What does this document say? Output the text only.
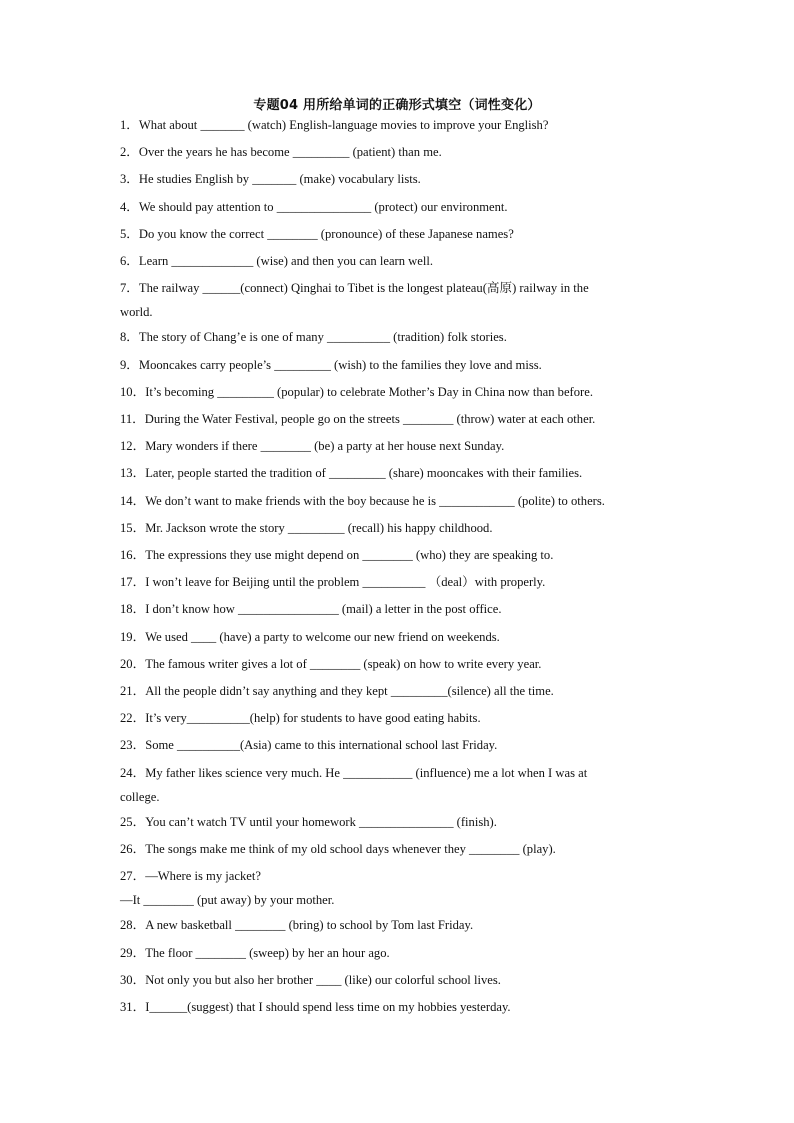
专题04 用所给单词的正确形式填空（词性变化）
1．What about _______ (watch) English-language movies to improve your English?
2．Over the years he has become _________ (patient) than me.
3．He studies English by _______ (make) vocabulary lists.
4．We should pay attention to _______________ (protect) our environment.
5．Do you know the correct ________ (pronounce) of these Japanese names?
6．Learn _____________ (wise) and then you can learn well.
7．The railway ______(connect) Qinghai to Tibet is the longest plateau(高原) railway in the
world.
8．The story of Chang’e is one of many __________ (tradition) folk stories.
9．Mooncakes carry people’s _________ (wish) to the families they love and miss.
10．It’s becoming _________ (popular) to celebrate Mother’s Day in China now than before.
11．During the Water Festival, people go on the streets ________ (throw) water at each other.
12．Mary wonders if there ________ (be) a party at her house next Sunday.
13．Later, people started the tradition of _________ (share) mooncakes with their families.
14．We don’t want to make friends with the boy because he is ____________ (polite) to others.
15．Mr. Jackson wrote the story _________ (recall) his happy childhood.
16．The expressions they use might depend on ________ (who) they are speaking to.
17．I won’t leave for Beijing until the problem __________ （deal）with properly.
18．I don’t know how ________________ (mail) a letter in the post office.
19．We used ____ (have) a party to welcome our new friend on weekends.
20．The famous writer gives a lot of ________ (speak) on how to write every year.
21．All the people didn’t say anything and they kept _________(silence) all the time.
22．It’s very__________(help) for students to have good eating habits.
23．Some __________(Asia) came to this international school last Friday.
24．My father likes science very much. He ___________ (influence) me a lot when I was at
college.
25．You can’t watch TV until your homework _______________ (finish).
26．The songs make me think of my old school days whenever they ________ (play).
27．—Where is my jacket?
—It ________ (put away) by your mother.
28．A new basketball ________ (bring) to school by Tom last Friday.
29．The floor ________ (sweep) by her an hour ago.
30．Not only you but also her brother ____ (like) our colorful school lives.
31．I______(suggest) that I should spend less time on my hobbies yesterday.
